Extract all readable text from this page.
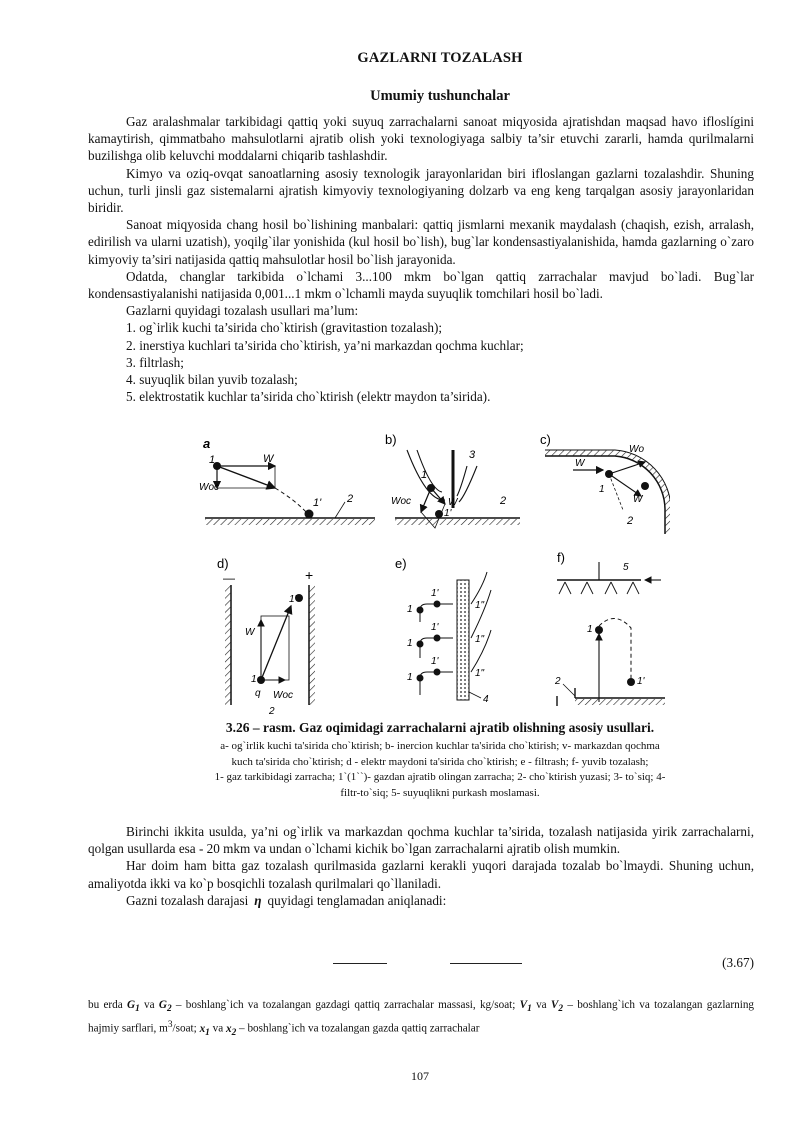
GAZLARNI TOZALASH
Umumiy tushunchalar

Gaz aralashmalar tarkibidagi qattiq yoki suyuq zarrachalarni sanoat miqyosida ajratishdan maqsad havo ifloslígini kamaytirish, qimmatbaho mahsulotlarni ajratib olish yoki texnologiyaga salbiy ta’sir etuvchi zararli, hamda qurilmalarni buzilishga olib keluvchi moddalarni chiqarib tashlashdir.

Kimyo va oziq-ovqat sanoatlarning asosiy texnologik jarayonlaridan biri ifloslangan gazlarni tozalashdir. Shuning uchun, turli jinsli gaz sistemalarni ajratish kimyoviy texnologiyaning dolzarb va eng keng tarqalgan asosiy jarayonlaridan biridir.

Sanoat miqyosida chang hosil bo`lishining manbalari: qattiq jismlarni mexanik maydalash (chaqish, ezish, arralash, edirilish va ularni uzatish), yoqilg`ilar yonishida (kul hosil bo`lish), bug`lar kondensastiyalanishida, hamda gazlarning o`zaro kimyoviy ta’siri natijasida qattiq mahsulotlar hosil bo`lish jarayonida.

Odatda, changlar tarkibida o`lchami 3...100 mkm bo`lgan qattiq zarrachalar mavjud bo`ladi. Bug`lar kondensastiyalanishi natijasida 0,001...1 mkm o`lchamli mayda suyuqlik tomchilari hosil bo`ladi.

Gazlarni quyidagi tozalash usullari ma’lum:

1. og`irlik kuchi ta’sirida cho`ktirish (gravitastion tozalash);

2. inerstiya kuchlari ta’sirida cho`ktirish, ya’ni markazdan qochma kuchlar;

3. filtrlash;

4. suyuqlik bilan yuvib tozalash;

5. elektrostatik kuchlar ta’sirida cho`ktirish (elektr maydon ta’sirida).

a
1	W
Woc
1' 2
b)
1
3
W
Woc
1'
2
c)
Wo
W
1
W
2
d)
—	+
W
1
q Woc
1'
2
e)
1
1
1
1'
1'
1'
1"
1"
1"
4
f)
2
1
1'
5
3.26 – rasm. Gaz oqimidagi zarrachalarni ajratib olishning asosiy usullari.
a- og`irlik kuchi ta'sirida cho`ktirish; b- inercion kuchlar ta'sirida cho`ktirish; v- markazdan qochma
kuch ta'sirida cho`ktirish; d - elektr maydoni ta'sirida cho`ktirish; e - filtrash; f- yuvib tozalash;
1- gaz tarkibidagi zarracha; 1`(1``)- gazdan ajratib olingan zarracha; 2- cho`ktirish yuzasi; 3- to`siq; 4-
filtr-to`siq; 5- suyuqlikni purkash moslamasi.

Birinchi ikkita usulda, ya’ni og`irlik va markazdan qochma kuchlar ta’sirida, tozalash natijasida yirik zarrachalarni, qolgan usullarda esa - 20 mkm va undan o`lchami kichik bo`lgan zarrachalarni ajratib olish mumkin.

Har doim ham bitta gaz tozalash qurilmasida gazlarni kerakli yuqori darajada tozalab bo`lmaydi. Shuning uchun, amaliyotda ikki va ko`p bosqichli tozalash qurilmalari qo`llaniladi.

Gazni tozalash darajasi η quyidagi tenglamadan aniqlanadi:

(3.67)
bu erda $G_1$ va $G_2$ – boshlang`ich va tozalangan gazdagi qattiq zarrachalar massasi, kg/soat; $V_1$ va $V_2$ – boshlang`ich va tozalangan gazlarning hajmiy sarflari, $m^3$/soat; $x_1$ va $x_2$ – boshlang`ich va tozalangan gazda qattiq zarrachalar
107
